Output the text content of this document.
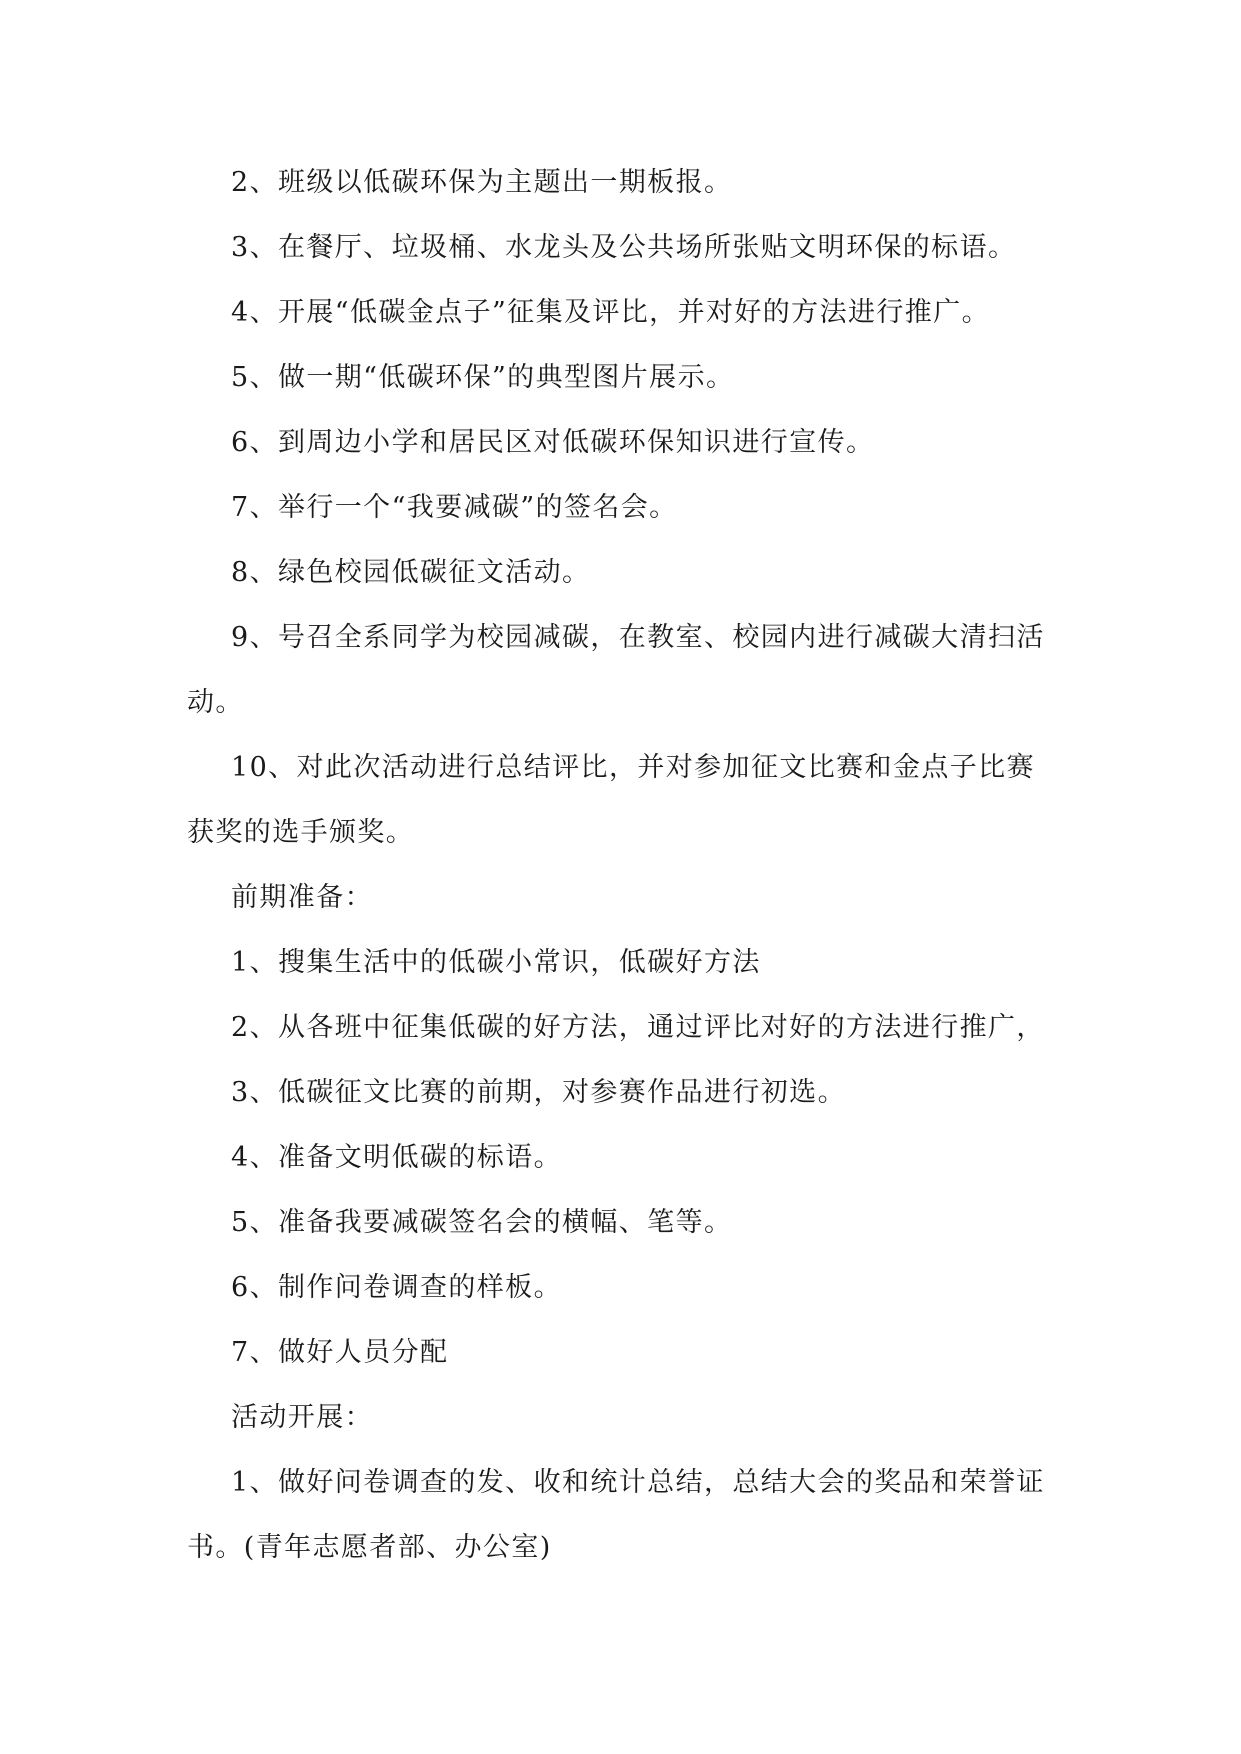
2、班级以低碳环保为主题出一期板报。
3、在餐厅、垃圾桶、水龙头及公共场所张贴文明环保的标语。
4、开展“低碳金点子”征集及评比，并对好的方法进行推广。
5、做一期“低碳环保”的典型图片展示。
6、到周边小学和居民区对低碳环保知识进行宣传。
7、举行一个“我要减碳”的签名会。
8、绿色校园低碳征文活动。
9、号召全系同学为校园减碳，在教室、校园内进行减碳大清扫活
动。
10、对此次活动进行总结评比，并对参加征文比赛和金点子比赛
获奖的选手颁奖。
前期准备：
1、搜集生活中的低碳小常识，低碳好方法
2、从各班中征集低碳的好方法，通过评比对好的方法进行推广，
3、低碳征文比赛的前期，对参赛作品进行初选。
4、准备文明低碳的标语。
5、准备我要减碳签名会的横幅、笔等。
6、制作问卷调查的样板。
7、做好人员分配
活动开展：
1、做好问卷调查的发、收和统计总结，总结大会的奖品和荣誉证
书。(青年志愿者部、办公室)
